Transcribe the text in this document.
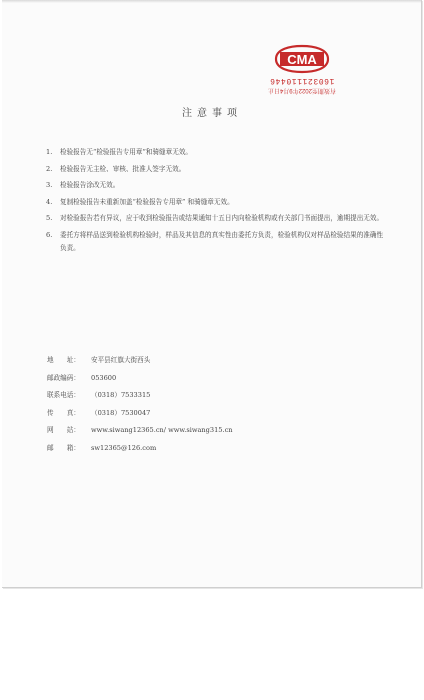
CMA
160321110446
有效期至2022年9月4日止
注意事项
1. 检验报告无“检验报告专用章”和骑缝章无效。
2. 检验报告无主检、审核、批准人签字无效。
3. 检验报告涂改无效。
4. 复制检验报告未重新加盖“检验报告专用章” 和骑缝章无效。
5. 对检验报告若有异议，应于收到检验报告或结果通知十五日内向检验机构或有关部门书面提出，逾期提出无效。
6. 委托方将样品送到检验机构检验时，样品及其信息的真实性由委托方负责，检验机构仅对样品检验结果的准确性负责。
地　　址：	安平县红旗大街西头
邮政编码：	053600
联系电话：	（0318）7533315
传　　真：	（0318）7530047
网　　站：	www.siwang12365.cn/ www.siwang315.cn
邮　　箱：	sw12365@126.com
